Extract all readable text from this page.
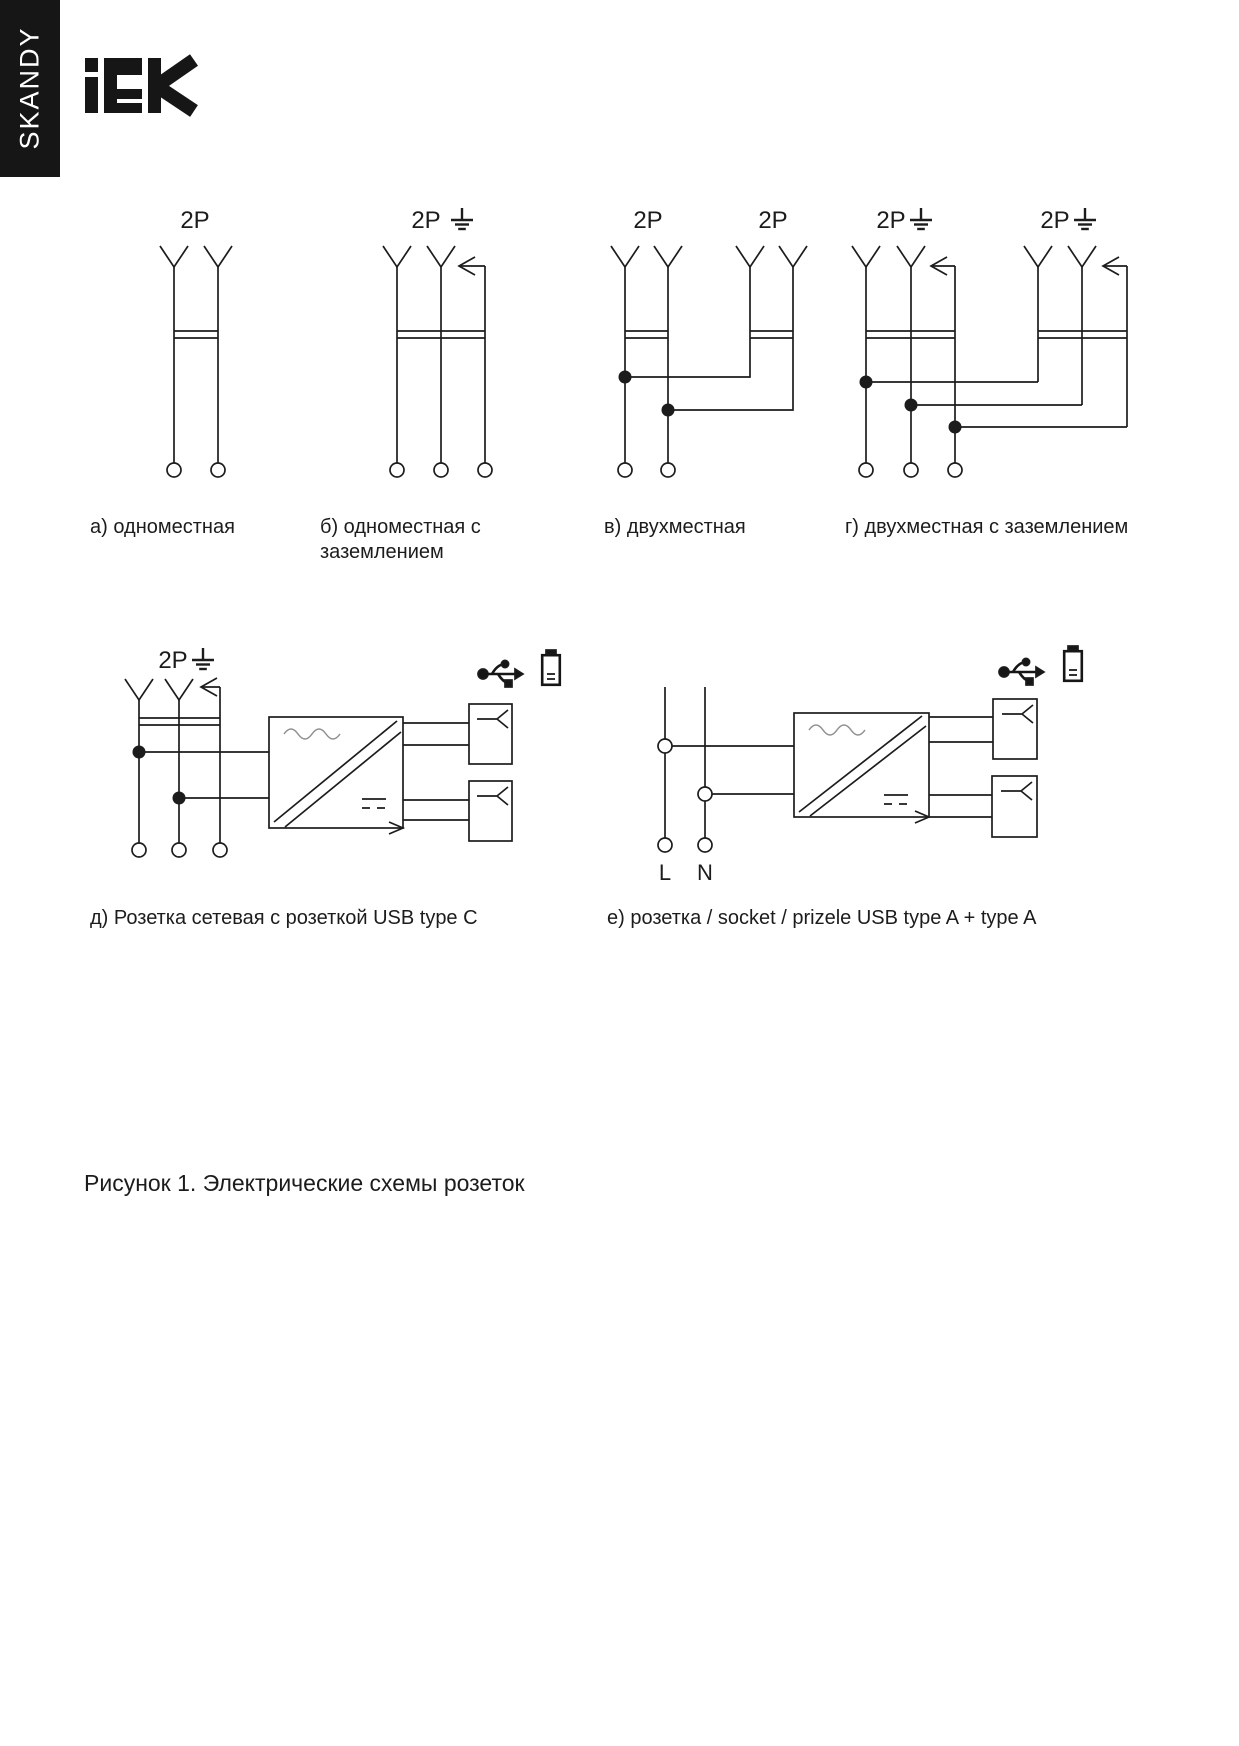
SKANDY
2P	2P	2P	2P	2P	2P
2P
L N
а) одноместная	б) одноместная с заземлением
в) двухместная	г) двухместная с заземлением
д) Розетка сетевая с розеткой USB type C	е) розетка / socket / prizele USB type A + type A
Рисунок 1. Электрические схемы розеток
